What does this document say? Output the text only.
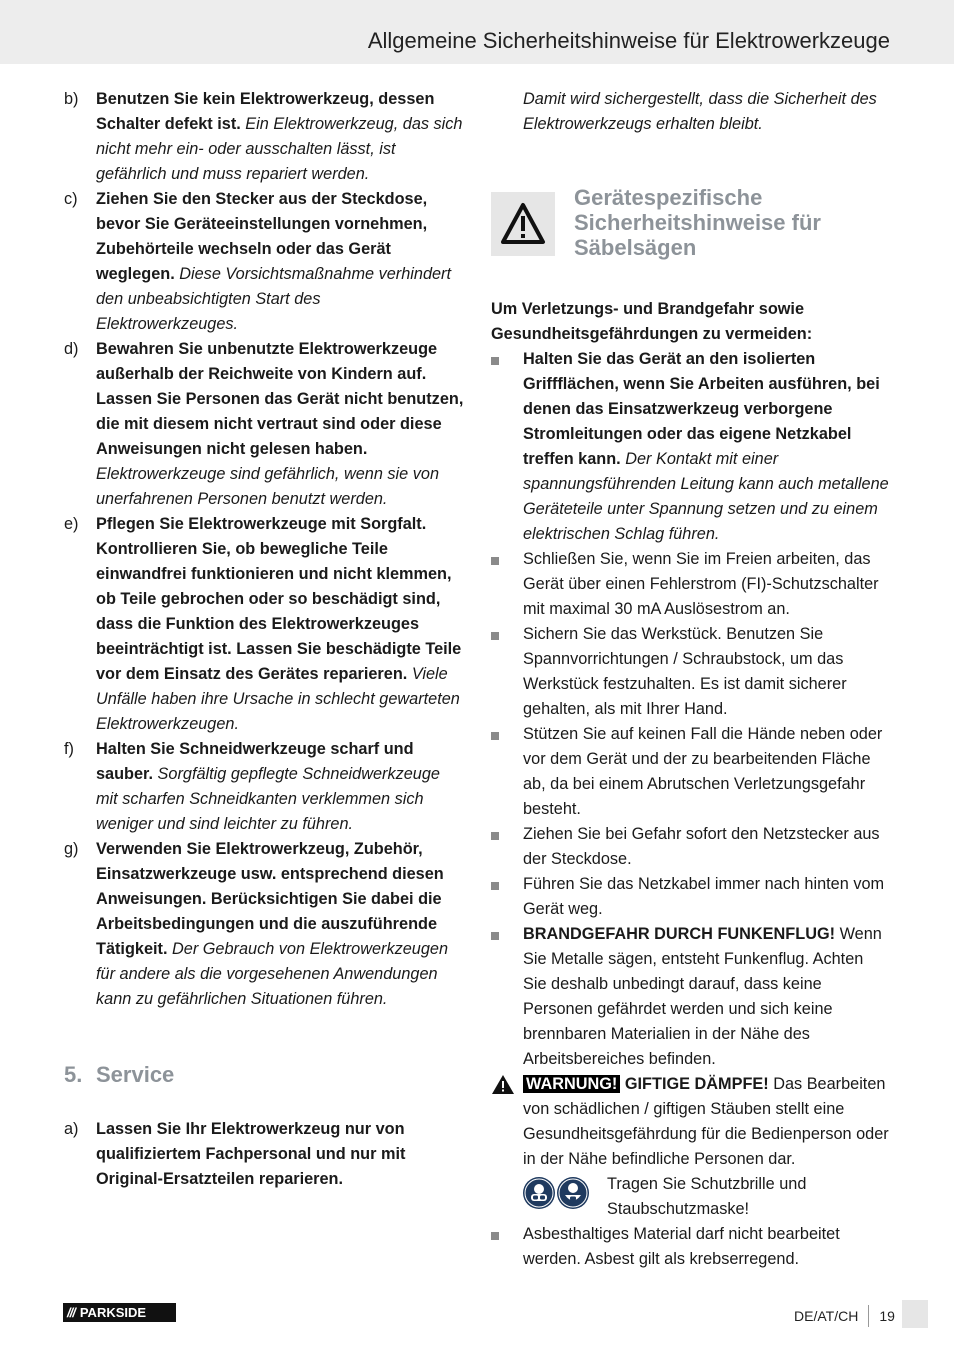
Allgemeine Sicherheitshinweise für Elektrowerkzeuge
b) Benutzen Sie kein Elektrowerkzeug, dessen Schalter defekt ist. Ein Elektrowerkzeug, das sich nicht mehr ein- oder ausschalten lässt, ist gefährlich und muss repariert werden.
c) Ziehen Sie den Stecker aus der Steckdose, bevor Sie Geräteeinstellungen vornehmen, Zubehörteile wechseln oder das Gerät weglegen. Diese Vorsichtsmaßnahme verhindert den unbeabsichtigten Start des Elektrowerkzeuges.
d) Bewahren Sie unbenutzte Elektrowerkzeuge außerhalb der Reichweite von Kindern auf. Lassen Sie Personen das Gerät nicht benutzen, die mit diesem nicht vertraut sind oder diese Anweisungen nicht gelesen haben. Elektrowerkzeuge sind gefährlich, wenn sie von unerfahrenen Personen benutzt werden.
e) Pflegen Sie Elektrowerkzeuge mit Sorgfalt. Kontrollieren Sie, ob bewegliche Teile einwandfrei funktionieren und nicht klemmen, ob Teile gebrochen oder so beschädigt sind, dass die Funktion des Elektrowerkzeuges beeinträchtigt ist. Lassen Sie beschädigte Teile vor dem Einsatz des Gerätes reparieren. Viele Unfälle haben ihre Ursache in schlecht gewarteten Elektrowerkzeugen.
f) Halten Sie Schneidwerkzeuge scharf und sauber. Sorgfältig gepflegte Schneidwerkzeuge mit scharfen Schneidkanten verklemmen sich weniger und sind leichter zu führen.
g) Verwenden Sie Elektrowerkzeug, Zubehör, Einsatzwerkzeuge usw. entsprechend diesen Anweisungen. Berücksichtigen Sie dabei die Arbeitsbedingungen und die auszuführende Tätigkeit. Der Gebrauch von Elektrowerkzeugen für andere als die vorgesehenen Anwendungen kann zu gefährlichen Situationen führen.
5. Service
a) Lassen Sie Ihr Elektrowerkzeug nur von qualifiziertem Fachpersonal und nur mit Original-Ersatzteilen reparieren.
Damit wird sichergestellt, dass die Sicherheit des Elektrowerkzeugs erhalten bleibt.
Gerätespezifische Sicherheitshinweise für Säbelsägen
Um Verletzungs- und Brandgefahr sowie Gesundheitsgefährdungen zu vermeiden:
Halten Sie das Gerät an den isolierten Griffflächen, wenn Sie Arbeiten ausführen, bei denen das Einsatzwerkzeug verborgene Stromleitungen oder das eigene Netzkabel treffen kann. Der Kontakt mit einer spannungsführenden Leitung kann auch metallene Geräteteile unter Spannung setzen und zu einem elektrischen Schlag führen.
Schließen Sie, wenn Sie im Freien arbeiten, das Gerät über einen Fehlerstrom (FI)-Schutzschalter mit maximal 30 mA Auslösestrom an.
Sichern Sie das Werkstück. Benutzen Sie Spannvorrichtungen / Schraubstock, um das Werkstück festzuhalten. Es ist damit sicherer gehalten, als mit Ihrer Hand.
Stützen Sie auf keinen Fall die Hände neben oder vor dem Gerät und der zu bearbeitenden Fläche ab, da bei einem Abrutschen Verletzungsgefahr besteht.
Ziehen Sie bei Gefahr sofort den Netzstecker aus der Steckdose.
Führen Sie das Netzkabel immer nach hinten vom Gerät weg.
BRANDGEFAHR DURCH FUNKENFLUG! Wenn Sie Metalle sägen, entsteht Funkenflug. Achten Sie deshalb unbedingt darauf, dass keine Personen gefährdet werden und sich keine brennbaren Materialien in der Nähe des Arbeitsbereiches befinden.
WARNUNG! GIFTIGE DÄMPFE! Das Bearbeiten von schädlichen / giftigen Stäuben stellt eine Gesundheitsgefährdung für die Bedienperson oder in der Nähe befindliche Personen dar.
Tragen Sie Schutzbrille und Staubschutzmaske!
Asbesthaltiges Material darf nicht bearbeitet werden. Asbest gilt als krebserregend.
/// PARKSIDE	DE/AT/CH 19
